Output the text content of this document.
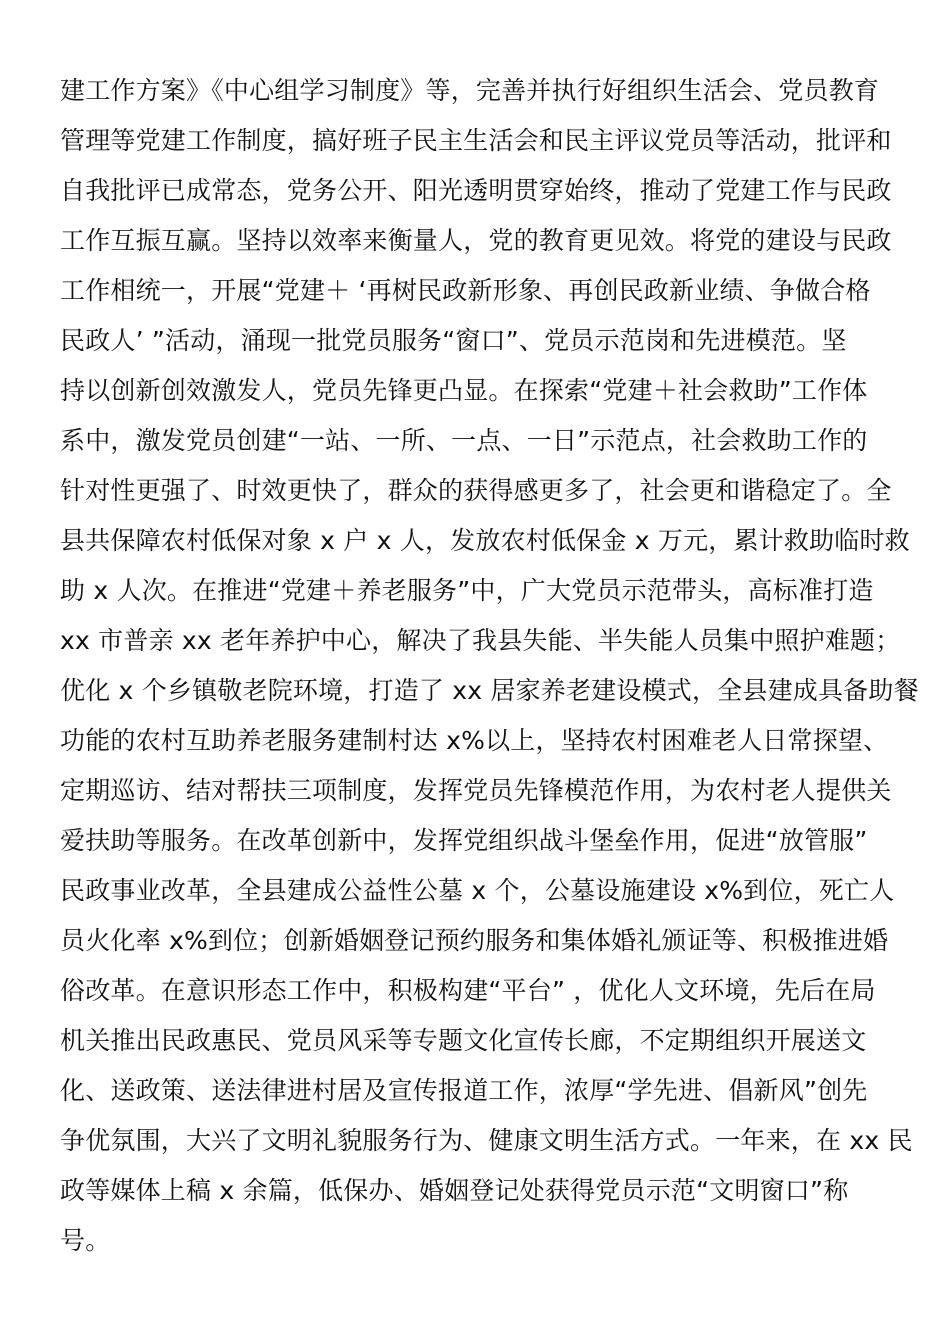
建工作方案》《中心组学习制度》等，完善并执行好组织生活会、党员教育
管理等党建工作制度，搞好班子民主生活会和民主评议党员等活动，批评和
自我批评已成常态，党务公开、阳光透明贯穿始终，推动了党建工作与民政
工作互振互赢。坚持以效率来衡量人，党的教育更见效。将党的建设与民政
工作相统一，开展“党建＋ ‘再树民政新形象、再创民政新业绩、争做合格
民政人’ ”活动，涌现一批党员服务“窗口”、党员示范岗和先进模范。坚
持以创新创效激发人，党员先锋更凸显。在探索“党建＋社会救助”工作体
系中，激发党员创建“一站、一所、一点、一日”示范点，社会救助工作的
针对性更强了、时效更快了，群众的获得感更多了，社会更和谐稳定了。全
县共保障农村低保对象 x 户 x 人，发放农村低保金 x 万元，累计救助临时救
助 x 人次。在推进“党建＋养老服务”中，广大党员示范带头，高标准打造
xx 市普亲 xx 老年养护中心，解决了我县失能、半失能人员集中照护难题；
优化 x 个乡镇敬老院环境，打造了 xx 居家养老建设模式，全县建成具备助餐
功能的农村互助养老服务建制村达 x%以上，坚持农村困难老人日常探望、
定期巡访、结对帮扶三项制度，发挥党员先锋模范作用，为农村老人提供关
爱扶助等服务。在改革创新中，发挥党组织战斗堡垒作用，促进“放管服”
民政事业改革，全县建成公益性公墓 x 个，公墓设施建设 x%到位，死亡人
员火化率 x%到位；创新婚姻登记预约服务和集体婚礼颁证等、积极推进婚
俗改革。在意识形态工作中，积极构建“平台” ，优化人文环境，先后在局
机关推出民政惠民、党员风采等专题文化宣传长廊，不定期组织开展送文
化、送政策、送法律进村居及宣传报道工作，浓厚“学先进、倡新风”创先
争优氛围，大兴了文明礼貌服务行为、健康文明生活方式。一年来，在 xx 民
政等媒体上稿 x 余篇，低保办、婚姻登记处获得党员示范“文明窗口”称
号。
